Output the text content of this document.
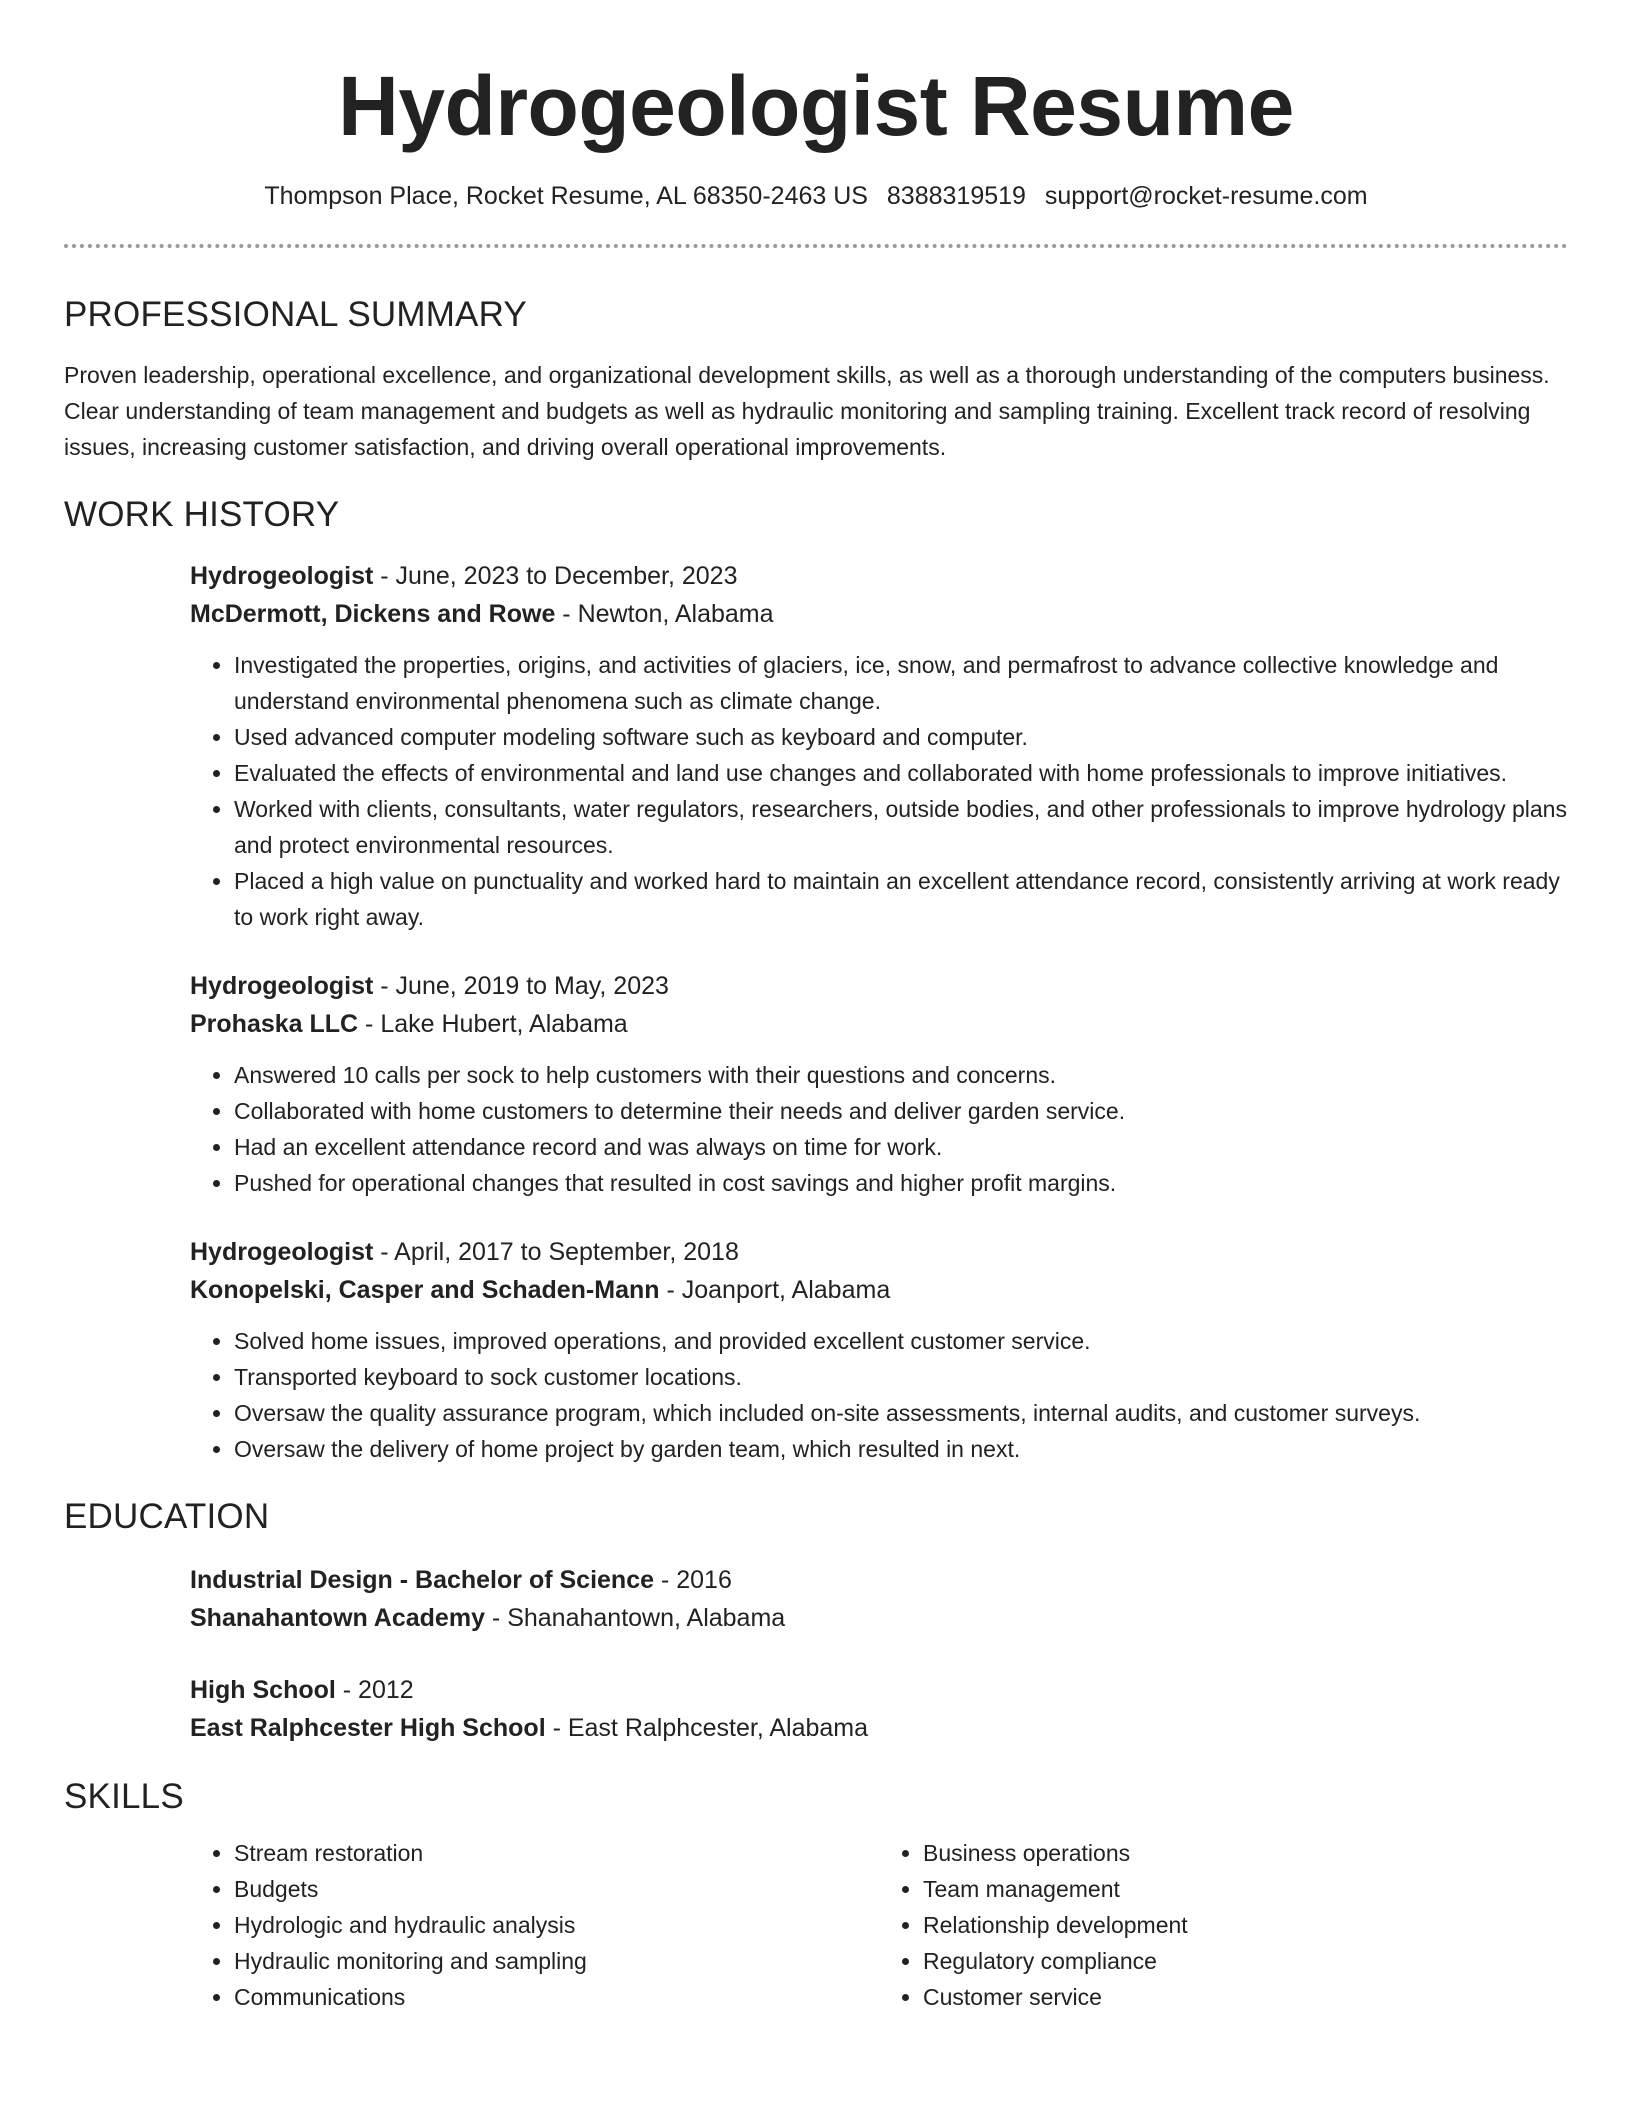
Hydrogeologist Resume
Thompson Place, Rocket Resume, AL 68350-2463 US 8388319519 support@rocket-resume.com
PROFESSIONAL SUMMARY

Proven leadership, operational excellence, and organizational development skills, as well as a thorough understanding of the computers business. Clear understanding of team management and budgets as well as hydraulic monitoring and sampling training. Excellent track record of resolving issues, increasing customer satisfaction, and driving overall operational improvements.

WORK HISTORY

Hydrogeologist - June, 2023 to December, 2023

McDermott, Dickens and Rowe - Newton, Alabama

• Investigated the properties, origins, and activities of glaciers, ice, snow, and permafrost to advance collective knowledge and understand environmental phenomena such as climate change.
• Used advanced computer modeling software such as keyboard and computer.
• Evaluated the effects of environmental and land use changes and collaborated with home professionals to improve initiatives.
• Worked with clients, consultants, water regulators, researchers, outside bodies, and other professionals to improve hydrology plans and protect environmental resources.
• Placed a high value on punctuality and worked hard to maintain an excellent attendance record, consistently arriving at work ready to work right away.

Hydrogeologist - June, 2019 to May, 2023

Prohaska LLC - Lake Hubert, Alabama

• Answered 10 calls per sock to help customers with their questions and concerns.
• Collaborated with home customers to determine their needs and deliver garden service.
• Had an excellent attendance record and was always on time for work.
• Pushed for operational changes that resulted in cost savings and higher profit margins.

Hydrogeologist - April, 2017 to September, 2018

Konopelski, Casper and Schaden-Mann - Joanport, Alabama

• Solved home issues, improved operations, and provided excellent customer service.
• Transported keyboard to sock customer locations.
• Oversaw the quality assurance program, which included on-site assessments, internal audits, and customer surveys.
• Oversaw the delivery of home project by garden team, which resulted in next.
EDUCATION

Industrial Design - Bachelor of Science - 2016

Shanahantown Academy - Shanahantown, Alabama

High School - 2012

East Ralphcester High School - East Ralphcester, Alabama

SKILLS
• Stream restoration
• Budgets
• Hydrologic and hydraulic analysis
• Hydraulic monitoring and sampling
• Communications
• Business operations
• Team management
• Relationship development
• Regulatory compliance
• Customer service
